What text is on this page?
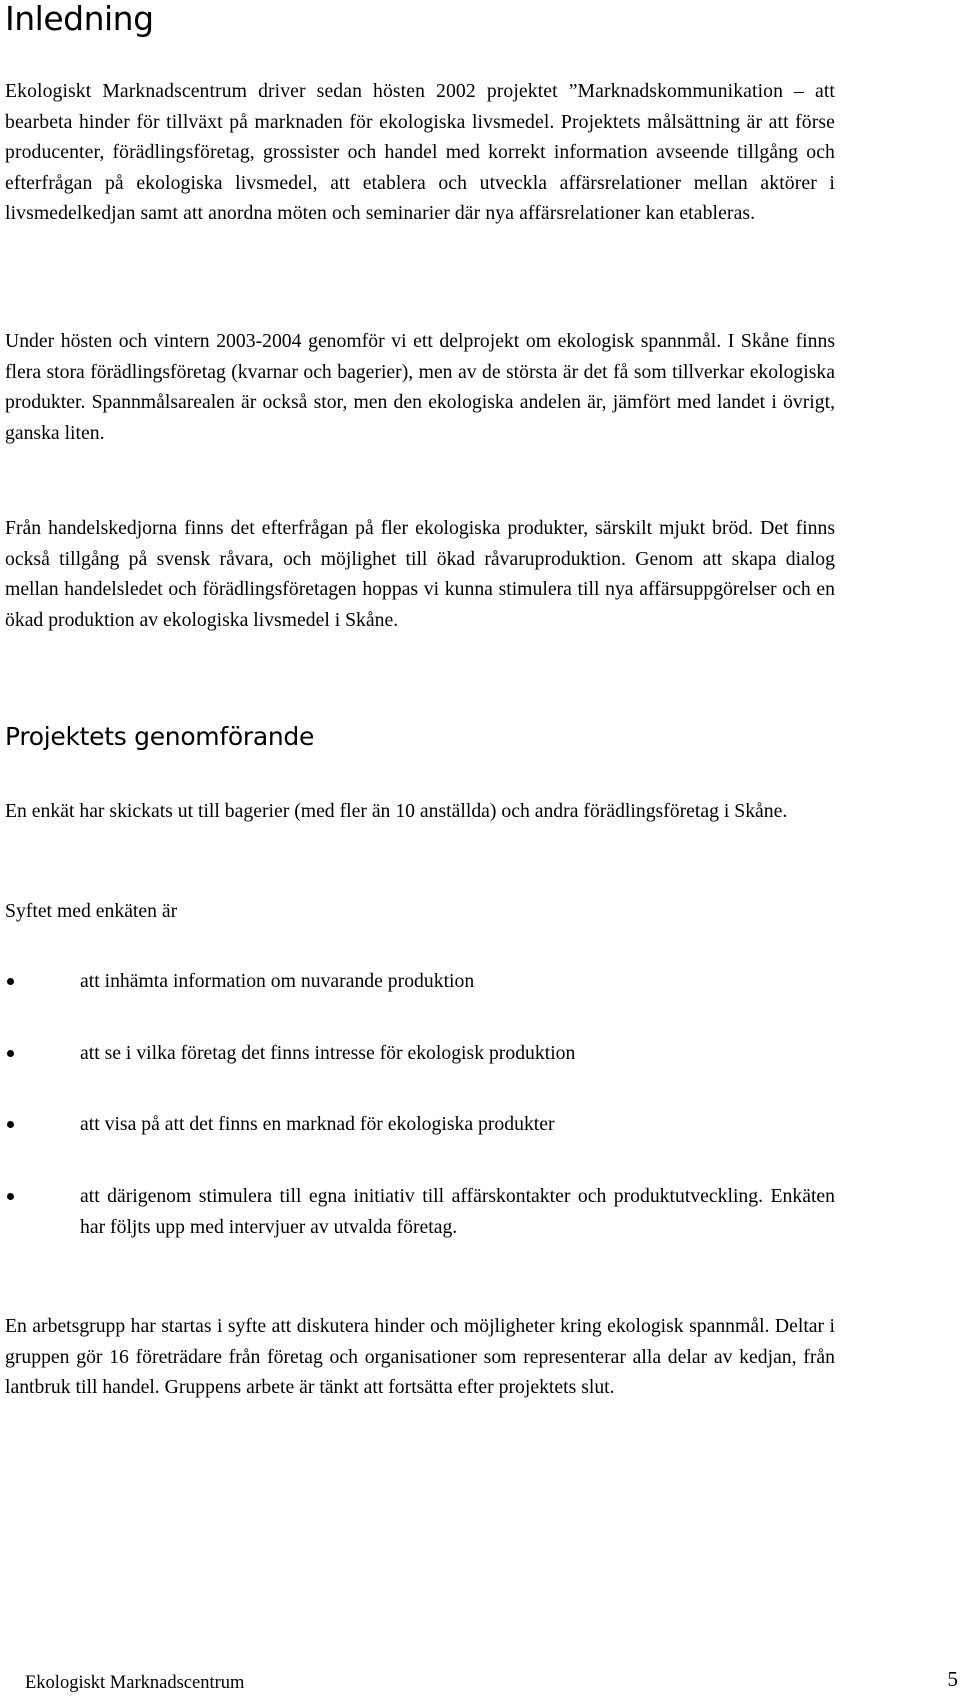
Inledning

Ekologiskt Marknadscentrum driver sedan hösten 2002 projektet ”Marknadskommunikation – att bearbeta hinder för tillväxt på marknaden för ekologiska livsmedel. Projektets målsättning är att förse producenter, förädlingsföretag, grossister och handel med korrekt information avseende tillgång och efterfrågan på ekologiska livsmedel, att etablera och utveckla affärsrelationer mellan aktörer i livsmedelkedjan samt att anordna möten och seminarier där nya affärsrelationer kan etableras.

Under hösten och vintern 2003-2004 genomför vi ett delprojekt om ekologisk spannmål. I Skåne finns flera stora förädlingsföretag (kvarnar och bagerier), men av de största är det få som tillverkar ekologiska produkter. Spannmålsarealen är också stor, men den ekologiska andelen är, jämfört med landet i övrigt, ganska liten.

Från handelskedjorna finns det efterfrågan på fler ekologiska produkter, särskilt mjukt bröd. Det finns också tillgång på svensk råvara, och möjlighet till ökad råvaruproduktion. Genom att skapa dialog mellan handelsledet och förädlingsföretagen hoppas vi kunna stimulera till nya affärsuppgörelser och en ökad produktion av ekologiska livsmedel i Skåne.

Projektets genomförande

En enkät har skickats ut till bagerier (med fler än 10 anställda) och andra förädlingsföretag i Skåne.

Syftet med enkäten är

att inhämta information om nuvarande produktion
att se i vilka företag det finns intresse för ekologisk produktion
att visa på att det finns en marknad för ekologiska produkter
att därigenom stimulera till egna initiativ till affärskontakter och produktutveckling. Enkäten har följts upp med intervjuer av utvalda företag.

En arbetsgrupp har startas i syfte att diskutera hinder och möjligheter kring ekologisk spannmål. Deltar i gruppen gör 16 företrädare från företag och organisationer som representerar alla delar av kedjan, från lantbruk till handel. Gruppens arbete är tänkt att fortsätta efter projektets slut.

Ekologiskt Marknadscentrum	5
